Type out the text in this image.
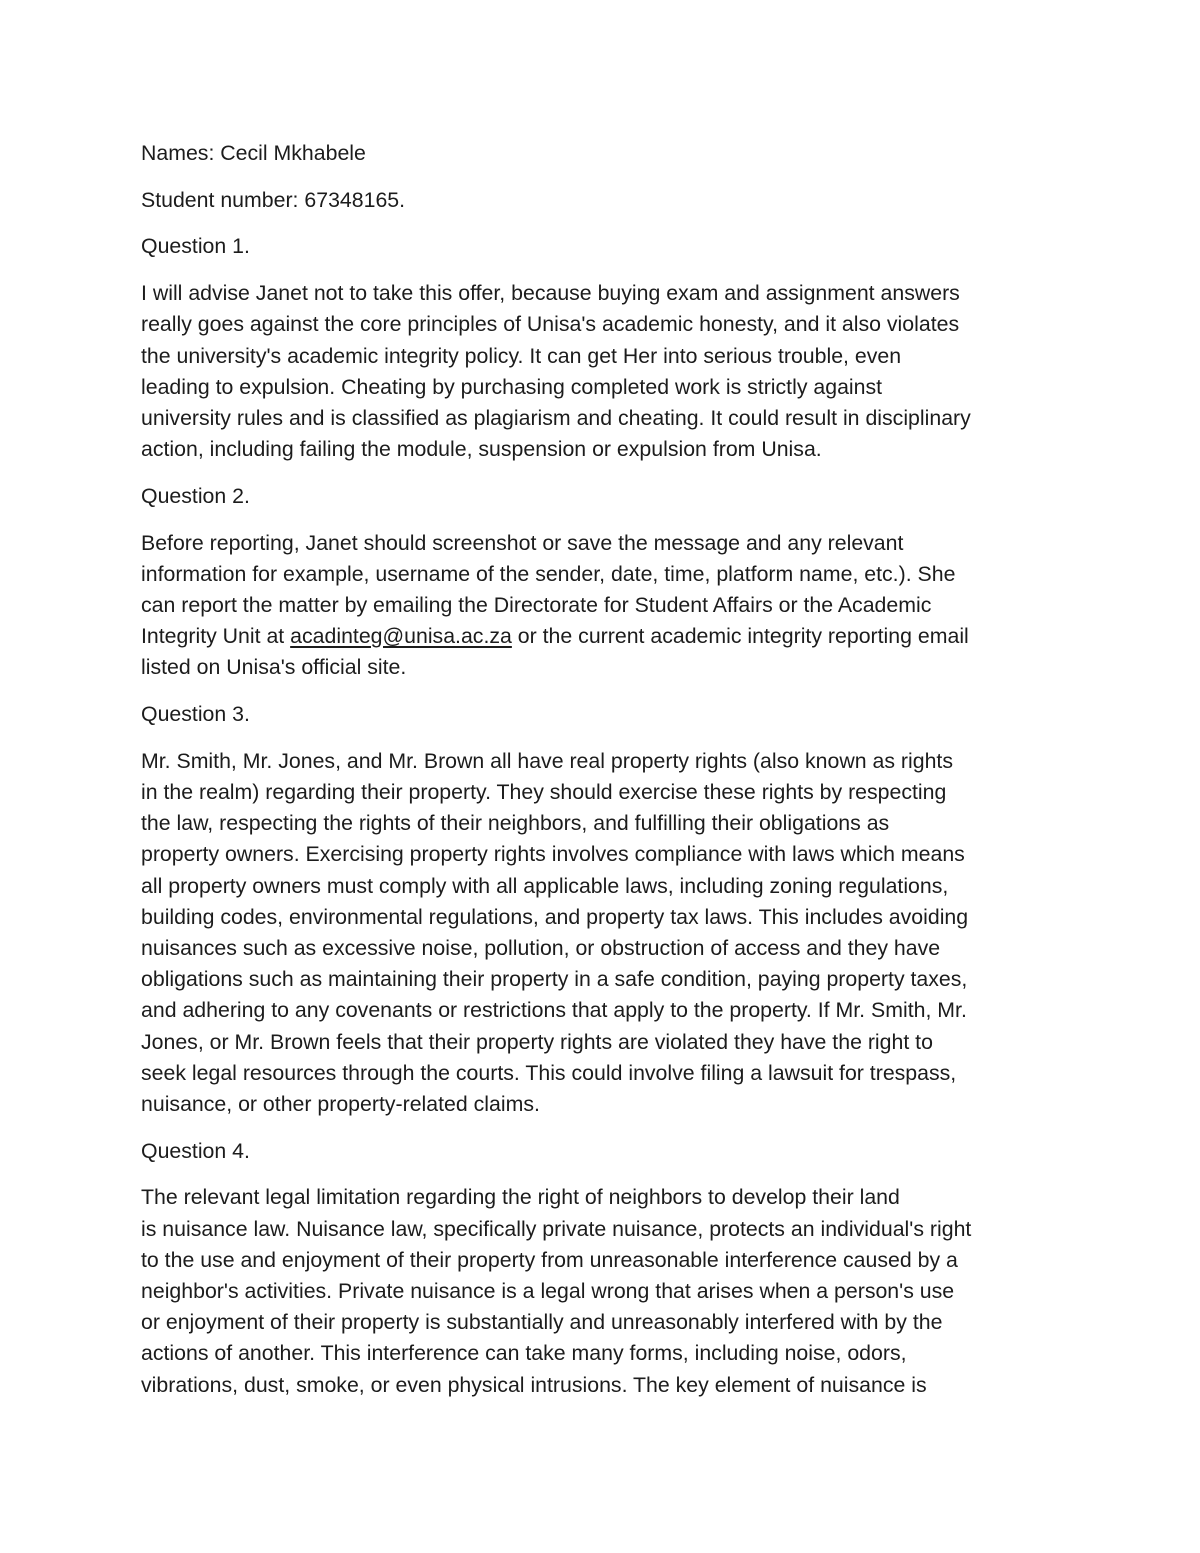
Names: Cecil Mkhabele

Student number: 67348165.

Question 1.

I will advise Janet not to take this offer, because buying exam and assignment answers
really goes against the core principles of Unisa's academic honesty, and it also violates
the university's academic integrity policy. It can get Her into serious trouble, even
leading to expulsion. Cheating by purchasing completed work is strictly against
university rules and is classified as plagiarism and cheating. It could result in disciplinary
action, including failing the module, suspension or expulsion from Unisa.

Question 2.

Before reporting, Janet should screenshot or save the message and any relevant
information for example, username of the sender, date, time, platform name, etc.). She
can report the matter by emailing the Directorate for Student Affairs or the Academic
Integrity Unit at acadinteg@unisa.ac.za or the current academic integrity reporting email
listed on Unisa's official site.

Question 3.

Mr. Smith, Mr. Jones, and Mr. Brown all have real property rights (also known as rights
in the realm) regarding their property. They should exercise these rights by respecting
the law, respecting the rights of their neighbors, and fulfilling their obligations as
property owners. Exercising property rights involves compliance with laws which means
all property owners must comply with all applicable laws, including zoning regulations,
building codes, environmental regulations, and property tax laws. This includes avoiding
nuisances such as excessive noise, pollution, or obstruction of access and they have
obligations such as maintaining their property in a safe condition, paying property taxes,
and adhering to any covenants or restrictions that apply to the property. If Mr. Smith, Mr.
Jones, or Mr. Brown feels that their property rights are violated they have the right to
seek legal resources through the courts. This could involve filing a lawsuit for trespass,
nuisance, or other property-related claims.

Question 4.

The relevant legal limitation regarding the right of neighbors to develop their land
is nuisance law. Nuisance law, specifically private nuisance, protects an individual's right
to the use and enjoyment of their property from unreasonable interference caused by a
neighbor's activities. Private nuisance is a legal wrong that arises when a person's use
or enjoyment of their property is substantially and unreasonably interfered with by the
actions of another. This interference can take many forms, including noise, odors,
vibrations, dust, smoke, or even physical intrusions. The key element of nuisance is
